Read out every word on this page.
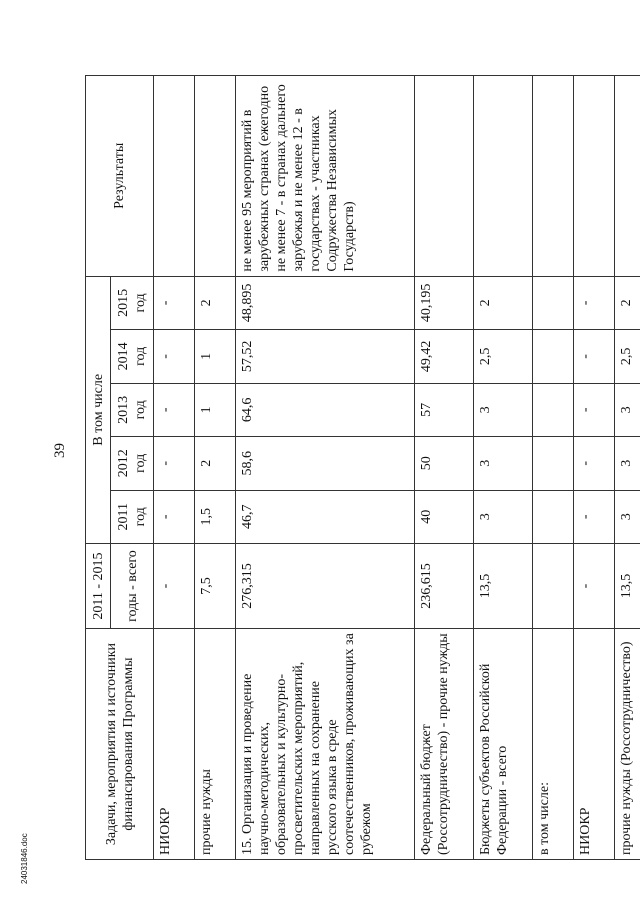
39
24031846.doc
Задачи, мероприятия и источники финансирования Программы	2011 - 2015	В том числе					Результаты
	годы - всего	2011 год	2012 год	2013 год	2014 год	2015 год	
НИОКР	-	-	-	-	-	-	
прочие нужды	7,5	1,5	2	1	1	2	
15. Организация и проведение научно-методических, образовательных и культурно-просветительских мероприятий, направленных на сохранение русского языка в среде соотечественников, проживающих за рубежом	276,315	46,7	58,6	64,6	57,52	48,895	не менее 95 мероприятий в зарубежных странах (ежегодно не менее 7 - в странах дальнего зарубежья и не менее 12 - в государствах - участниках Содружества Независимых Государств)
Федеральный бюджет (Россотрудничество) - прочие нужды	236,615	40	50	57	49,42	40,195	
Бюджеты субъектов Российской Федерации - всего	13,5	3	3	3	2,5	2	
в том числе:							
НИОКР	-	-	-	-	-	-	
прочие нужды (Россотрудничество)	13,5	3	3	3	2,5	2	
